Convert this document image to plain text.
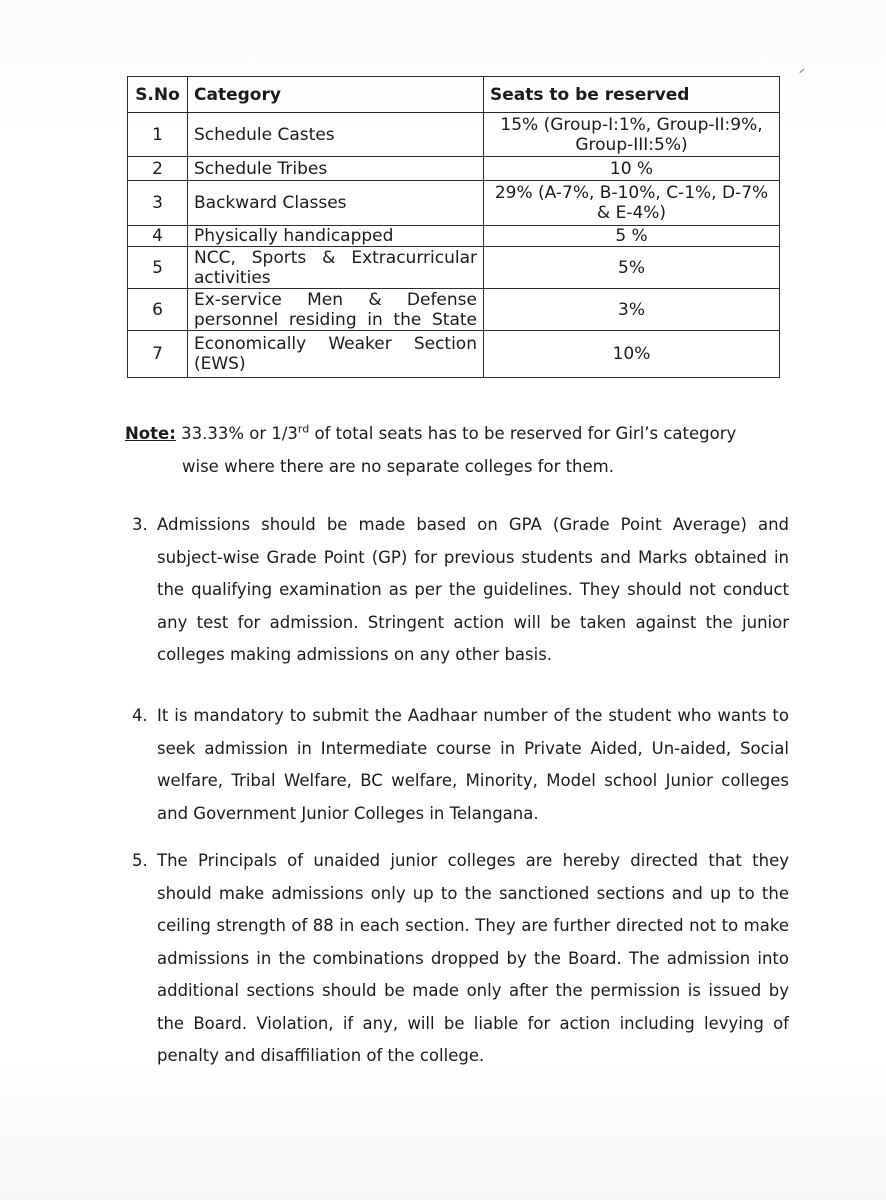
S.No	Category	Seats to be reserved
1	Schedule Castes	15% (Group-I:1%, Group-II:9%, Group-III:5%)
2	Schedule Tribes	10 %
3	Backward Classes	29% (A-7%, B-10%, C-1%, D-7% & E-4%)
4	Physically handicapped	5 %
5	NCC, Sports & Extracurricular activities	5%
6	Ex-service Men & Defense personnel residing in the State	3%
7	Economically Weaker Section (EWS)	10%
Note: 33.33% or 1/3rd of total seats has to be reserved for Girl’s category
wise where there are no separate colleges for them.
3. Admissions should be made based on GPA (Grade Point Average) and subject-wise Grade Point (GP) for previous students and Marks obtained in the qualifying examination as per the guidelines. They should not conduct any test for admission. Stringent action will be taken against the junior colleges making admissions on any other basis.
4. It is mandatory to submit the Aadhaar number of the student who wants to seek admission in Intermediate course in Private Aided, Un-aided, Social welfare, Tribal Welfare, BC welfare, Minority, Model school Junior colleges and Government Junior Colleges in Telangana.
5. The Principals of unaided junior colleges are hereby directed that they should make admissions only up to the sanctioned sections and up to the ceiling strength of 88 in each section. They are further directed not to make admissions in the combinations dropped by the Board. The admission into additional sections should be made only after the permission is issued by the Board. Violation, if any, will be liable for action including levying of penalty and disaffiliation of the college.
